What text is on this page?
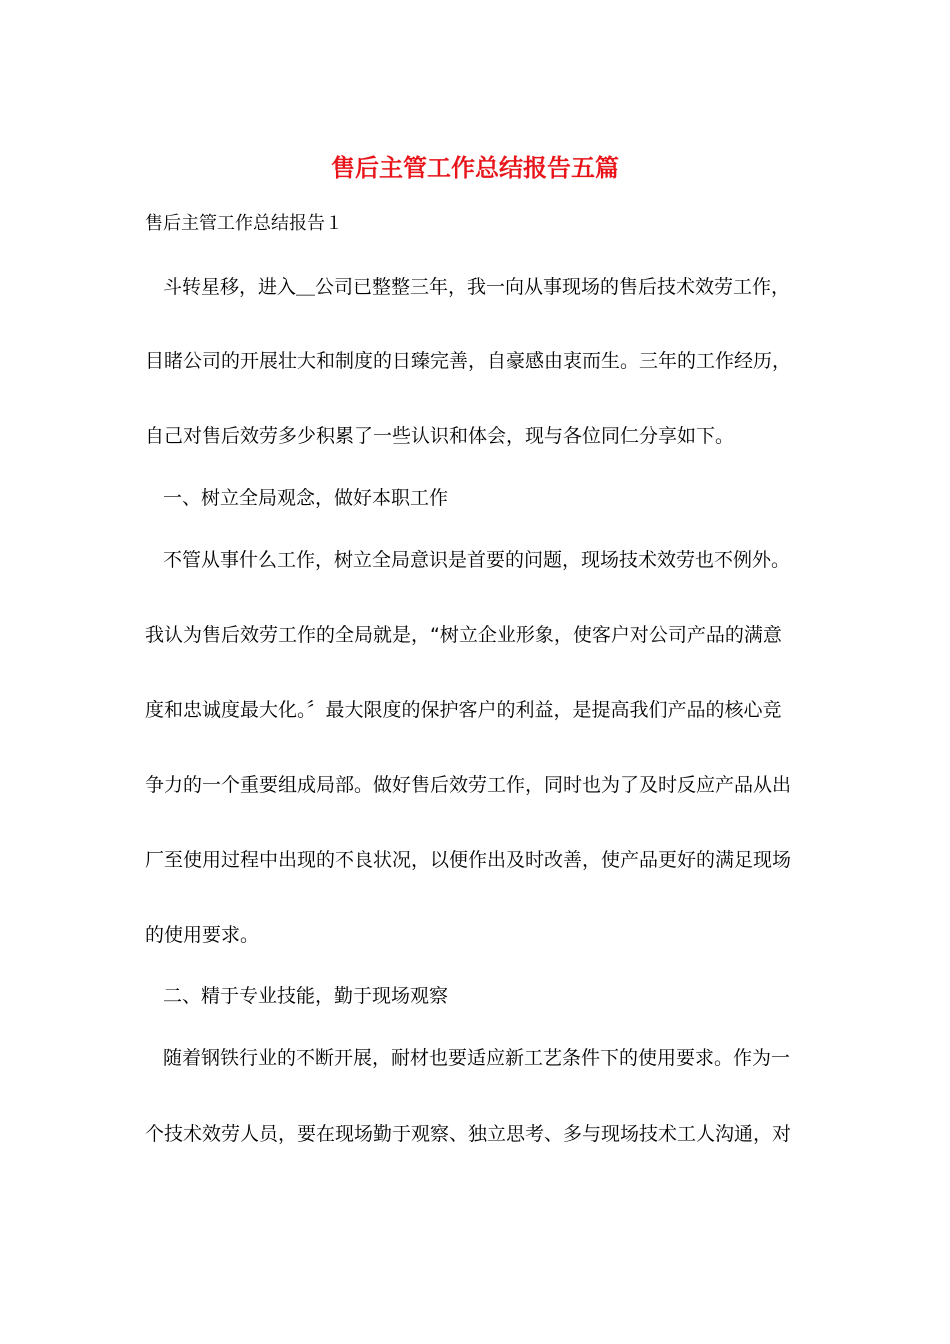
售后主管工作总结报告五篇
售后主管工作总结报告１
斗转星移，进入＿公司已整整三年，我一向从事现场的售后技术效劳工作，
目睹公司的开展壮大和制度的日臻完善，自豪感由衷而生。三年的工作经历，
自己对售后效劳多少积累了一些认识和体会，现与各位同仁分享如下。
一、树立全局观念，做好本职工作
不管从事什么工作，树立全局意识是首要的问题，现场技术效劳也不例外。
我认为售后效劳工作的全局就是，“树立企业形象，使客户对公司产品的满意
度和忠诚度最大化。〞最大限度的保护客户的利益，是提高我们产品的核心竞
争力的一个重要组成局部。做好售后效劳工作，同时也为了及时反应产品从出
厂至使用过程中出现的不良状况，以便作出及时改善，使产品更好的满足现场
的使用要求。
二、精于专业技能，勤于现场观察
随着钢铁行业的不断开展，耐材也要适应新工艺条件下的使用要求。作为一
个技术效劳人员，要在现场勤于观察、独立思考、多与现场技术工人沟通，对
